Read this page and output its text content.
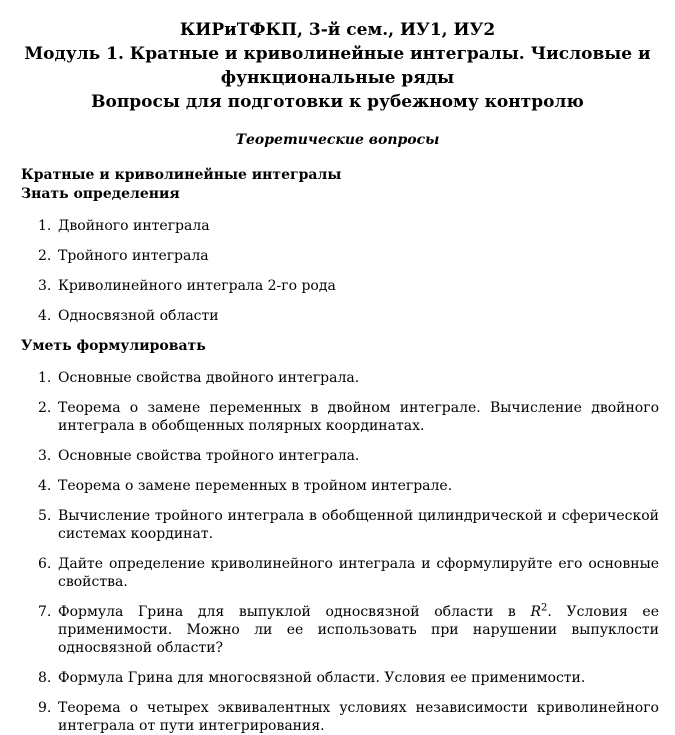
КИРиТФКП, 3-й сем., ИУ1, ИУ2
Модуль 1. Кратные и криволинейные интегралы. Числовые и
функциональные ряды
Вопросы для подготовки к рубежному контролю
Теоретические вопросы
Кратные и криволинейные интегралы
Знать определения
1. Двойного интеграла
2. Тройного интеграла
3. Криволинейного интеграла 2-го рода
4. Односвязной области
Уметь формулировать
1. Основные свойства двойного интеграла.
2. Теорема о замене переменных в двойном интеграле. Вычисление двойного интеграла в обобщенных полярных координатах.
3. Основные свойства тройного интеграла.
4. Теорема о замене переменных в тройном интеграле.
5. Вычисление тройного интеграла в обобщенной цилиндрической и сферической системах координат.
6. Дайте определение криволинейного интеграла и сформулируйте его основные свойства.
7. Формула Грина для выпуклой односвязной области в $R^2$. Условия ее применимости. Можно ли ее использовать при нарушении выпуклости односвязной области?
8. Формула Грина для многосвязной области. Условия ее применимости.
9. Теорема о четырех эквивалентных условиях независимости криволинейного интеграла от пути интегрирования.
